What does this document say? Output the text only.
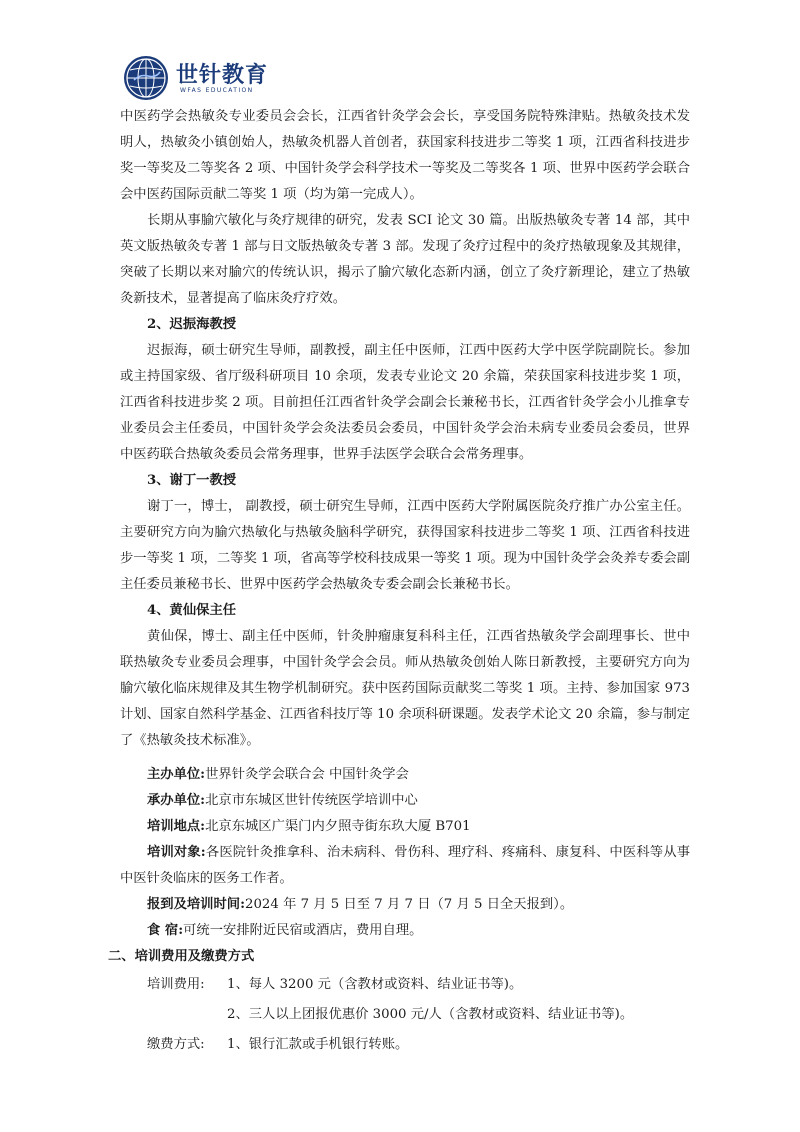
世针教育
WFAS EDUCATION

中医药学会热敏灸专业委员会会长，江西省针灸学会会长，享受国务院特殊津贴。热敏灸技术发明人，热敏灸小镇创始人，热敏灸机器人首创者，获国家科技进步二等奖 1 项，江西省科技进步奖一等奖及二等奖各 2 项、中国针灸学会科学技术一等奖及二等奖各 1 项、世界中医药学会联合会中医药国际贡献二等奖 1 项（均为第一完成人）。

长期从事腧穴敏化与灸疗规律的研究，发表 SCI 论文 30 篇。出版热敏灸专著 14 部，其中英文版热敏灸专著 1 部与日文版热敏灸专著 3 部。发现了灸疗过程中的灸疗热敏现象及其规律，突破了长期以来对腧穴的传统认识，揭示了腧穴敏化态新内涵，创立了灸疗新理论，建立了热敏灸新技术，显著提高了临床灸疗疗效。

2、迟振海教授

迟振海，硕士研究生导师，副教授，副主任中医师，江西中医药大学中医学院副院长。参加或主持国家级、省厅级科研项目 10 余项，发表专业论文 20 余篇，荣获国家科技进步奖 1 项，江西省科技进步奖 2 项。目前担任江西省针灸学会副会长兼秘书长，江西省针灸学会小儿推拿专业委员会主任委员，中国针灸学会灸法委员会委员，中国针灸学会治未病专业委员会委员，世界中医药联合热敏灸委员会常务理事，世界手法医学会联合会常务理事。

3、谢丁一教授

谢丁一，博士， 副教授，硕士研究生导师，江西中医药大学附属医院灸疗推广办公室主任。主要研究方向为腧穴热敏化与热敏灸脑科学研究，获得国家科技进步二等奖 1 项、江西省科技进步一等奖 1 项，二等奖 1 项，省高等学校科技成果一等奖 1 项。现为中国针灸学会灸养专委会副主任委员兼秘书长、世界中医药学会热敏灸专委会副会长兼秘书长。

4、黄仙保主任

黄仙保，博士、副主任中医师，针灸肿瘤康复科科主任，江西省热敏灸学会副理事长、世中联热敏灸专业委员会理事，中国针灸学会会员。师从热敏灸创始人陈日新教授，主要研究方向为腧穴敏化临床规律及其生物学机制研究。获中医药国际贡献奖二等奖 1 项。主持、参加国家 973 计划、国家自然科学基金、江西省科技厅等 10 余项科研课题。发表学术论文 20 余篇，参与制定了《热敏灸技术标准》。

主办单位:世界针灸学会联合会 中国针灸学会

承办单位:北京市东城区世针传统医学培训中心

培训地点:北京东城区广渠门内夕照寺街东玖大厦 B701

培训对象:各医院针灸推拿科、治未病科、骨伤科、理疗科、疼痛科、康复科、中医科等从事中医针灸临床的医务工作者。

报到及培训时间:2024 年 7 月 5 日至 7 月 7 日（7 月 5 日全天报到）。

食 宿:可统一安排附近民宿或酒店，费用自理。

二、培训费用及缴费方式

培训费用:	1、每人 3200 元（含教材或资料、结业证书等)。
2、三人以上团报优惠价 3000 元/人（含教材或资料、结业证书等)。
缴费方式:	1、银行汇款或手机银行转账。
